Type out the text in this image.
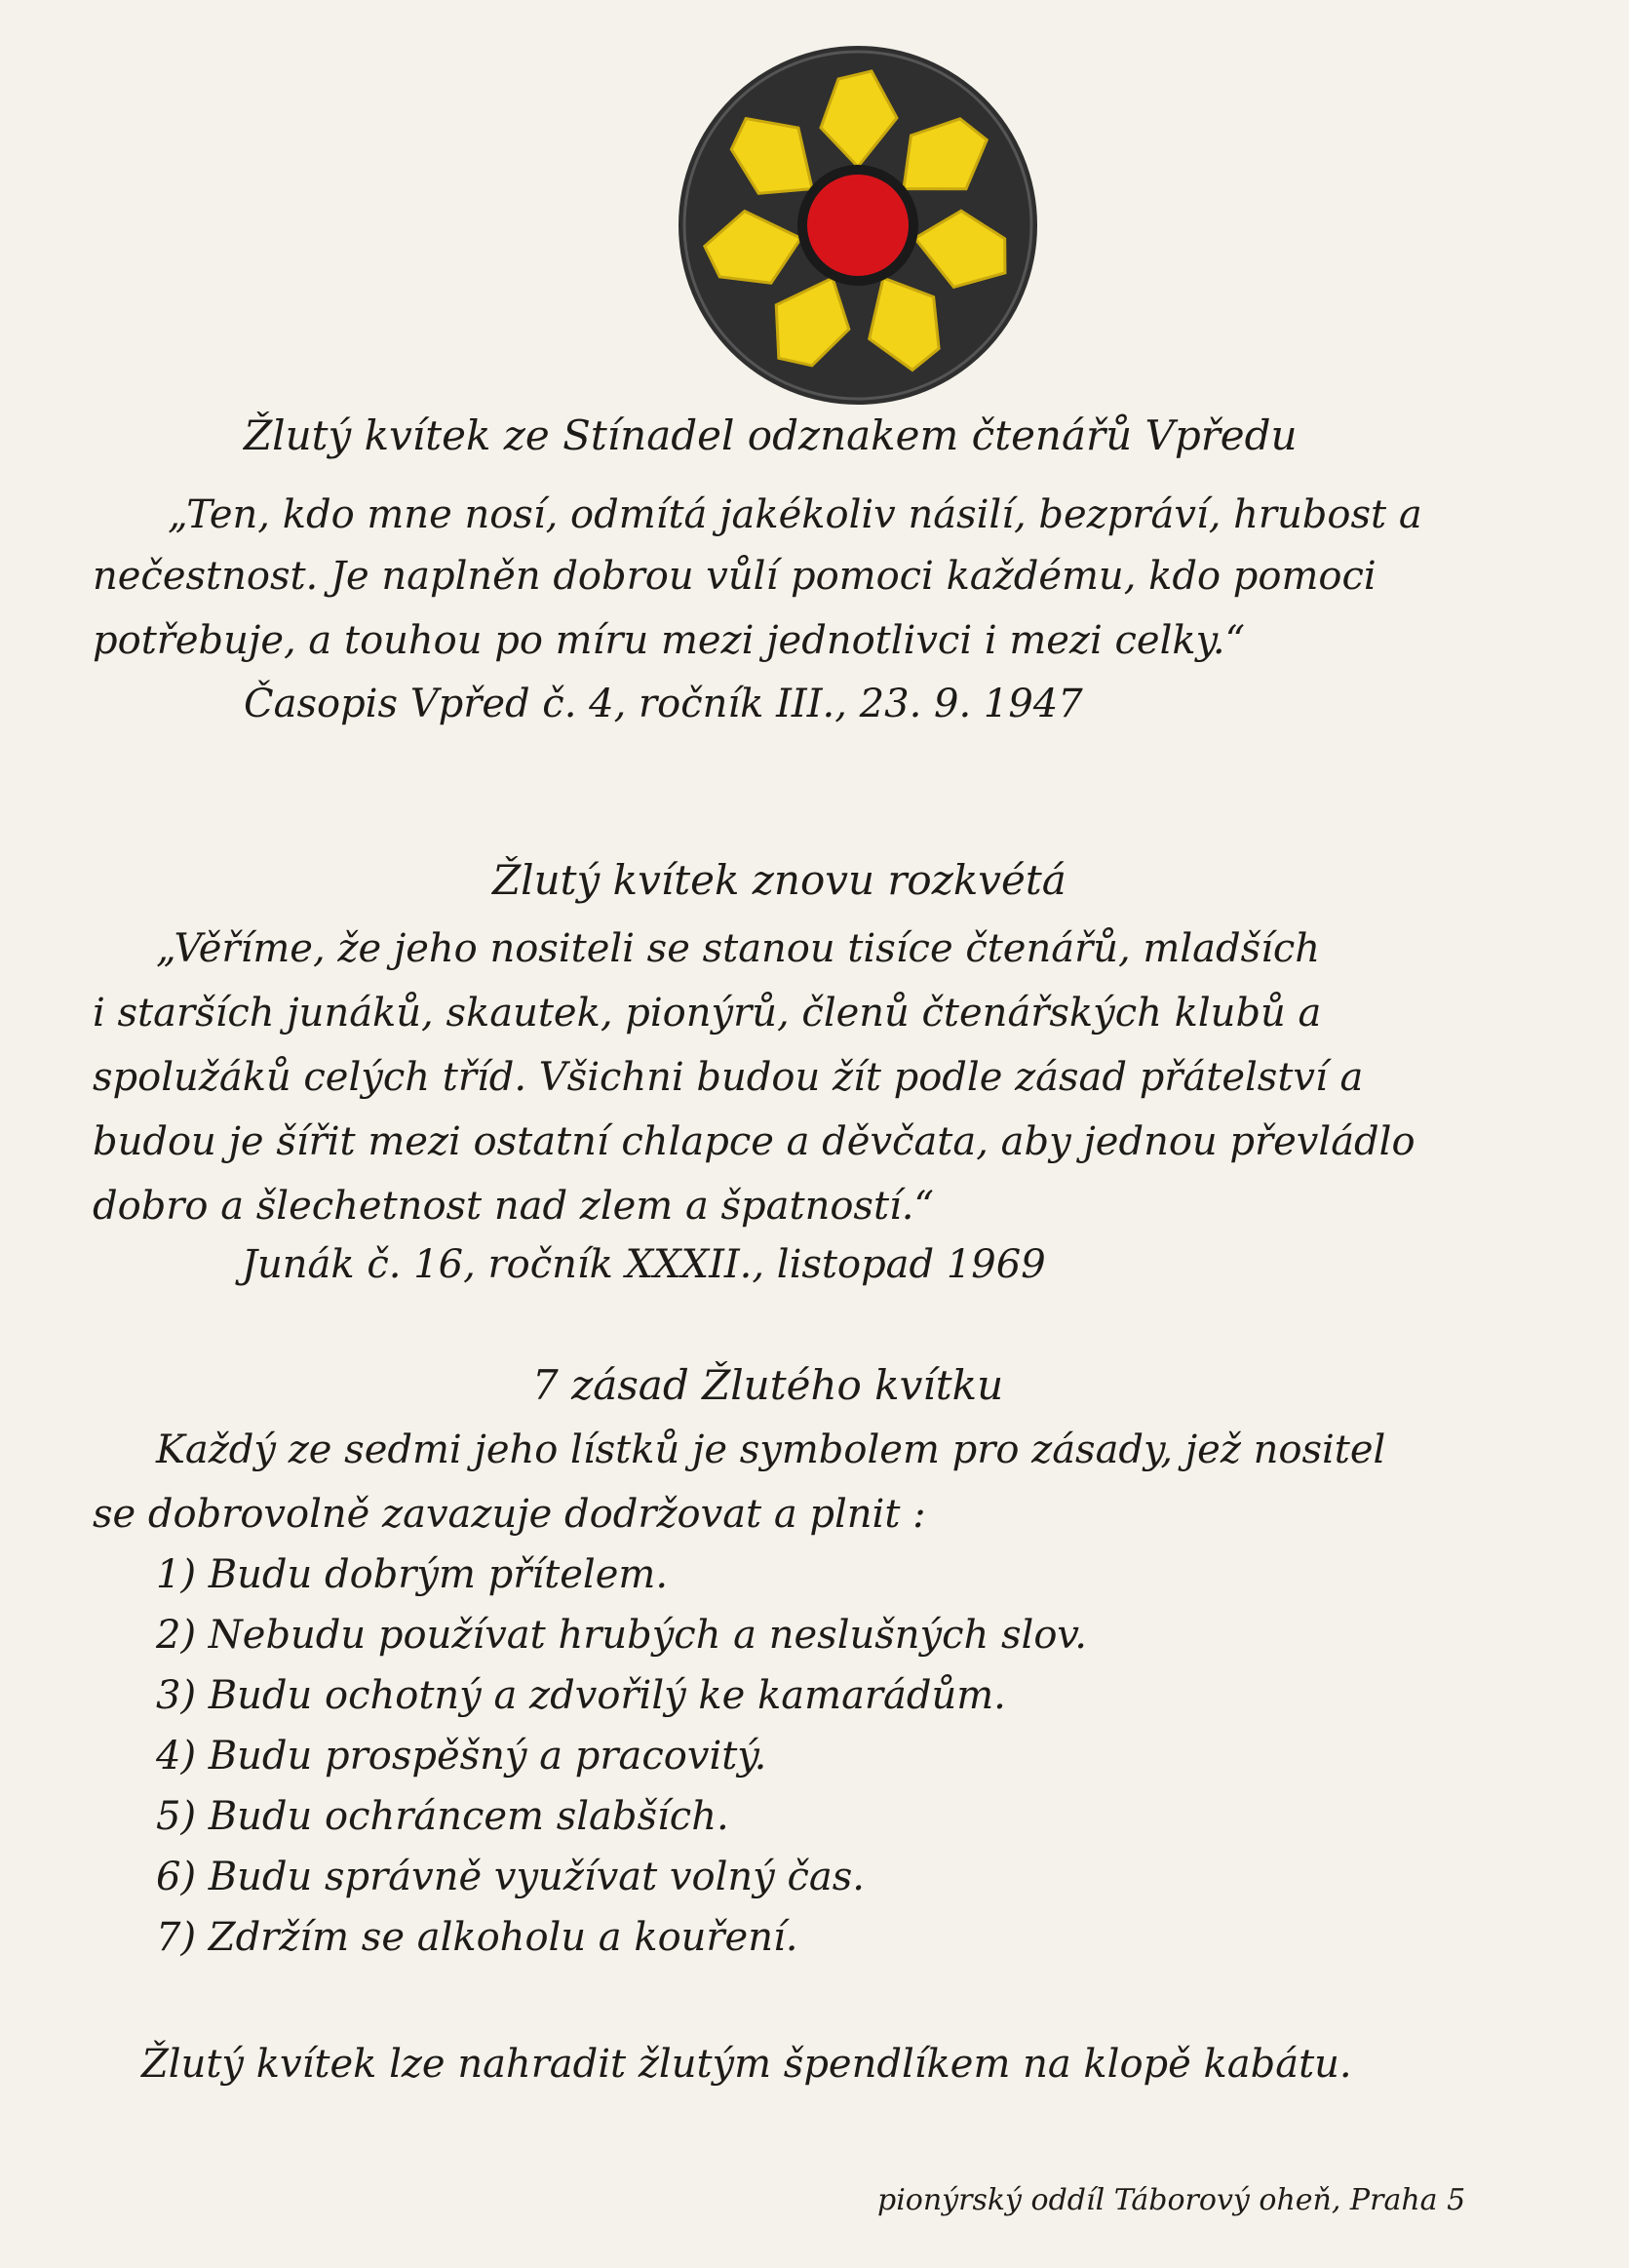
Žlutý kvítek ze Stínadel odznakem čtenářů Vpředu
„Ten, kdo mne nosí, odmítá jakékoliv násilí, bezpráví, hrubost a
nečestnost. Je naplněn dobrou vůlí pomoci každému, kdo pomoci
potřebuje, a touhou po míru mezi jednotlivci i mezi celky.“
Časopis Vpřed č. 4, ročník III., 23. 9. 1947
Žlutý kvítek znovu rozkvétá
„Věříme, že jeho nositeli se stanou tisíce čtenářů, mladších
i starších junáků, skautek, pionýrů, členů čtenářských klubů a
spolužáků celých tříd. Všichni budou žít podle zásad přátelství a
budou je šířit mezi ostatní chlapce a děvčata, aby jednou převládlo
dobro a šlechetnost nad zlem a špatností.“
Junák č. 16, ročník XXXII., listopad 1969
7 zásad Žlutého kvítku
Každý ze sedmi jeho lístků je symbolem pro zásady, jež nositel
se dobrovolně zavazuje dodržovat a plnit :
1) Budu dobrým přítelem.
2) Nebudu používat hrubých a neslušných slov.
3) Budu ochotný a zdvořilý ke kamarádům.
4) Budu prospěšný a pracovitý.
5) Budu ochráncem slabších.
6) Budu správně využívat volný čas.
7) Zdržím se alkoholu a kouření.
Žlutý kvítek lze nahradit žlutým špendlíkem na klopě kabátu.
pionýrský oddíl Táborový oheň, Praha 5
